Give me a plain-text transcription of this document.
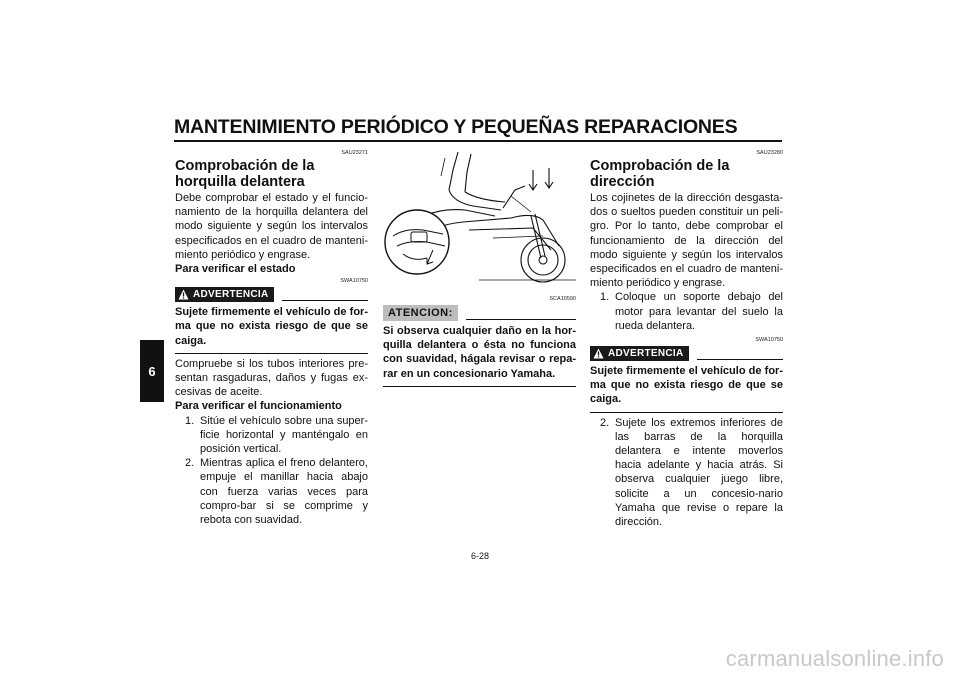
MANTENIMIENTO PERIÓDICO Y PEQUEÑAS REPARACIONES
6
SAU23271
Comprobación de la horquilla delantera

Debe comprobar el estado y el funcio-namiento de la horquilla delantera del modo siguiente y según los intervalos especificados en el cuadro de manteni-miento periódico y engrase.

Para verificar el estado
SWA10750
ADVERTENCIA
Sujete firmemente el vehículo de for-ma que no exista riesgo de que se caiga.

Compruebe si los tubos interiores pre-sentan rasgaduras, daños y fugas ex-cesivas de aceite.

Para verificar el funcionamiento
1. Sitúe el vehículo sobre una super-ficie horizontal y manténgalo en posición vertical.
2. Mientras aplica el freno delantero, empuje el manillar hacia abajo con fuerza varias veces para compro-bar si se comprime y rebota con suavidad.
SCA10590
ATENCION:
Si observa cualquier daño en la hor-quilla delantera o ésta no funciona con suavidad, hágala revisar o repa-rar en un concesionario Yamaha.
SAU23280
Comprobación de la dirección

Los cojinetes de la dirección desgasta-dos o sueltos pueden constituir un peli-gro. Por lo tanto, debe comprobar el funcionamiento de la dirección del modo siguiente y según los intervalos especificados en el cuadro de manteni-miento periódico y engrase.

1. Coloque un soporte debajo del motor para levantar del suelo la rueda delantera.
SWA10750
ADVERTENCIA
Sujete firmemente el vehículo de for-ma que no exista riesgo de que se caiga.
2. Sujete los extremos inferiores de las barras de la horquilla delantera e intente moverlos hacia adelante y hacia atrás. Si observa cualquier juego libre, solicite a un concesio-nario Yamaha que revise o repare la dirección.
6-28
carmanualsonline.info
